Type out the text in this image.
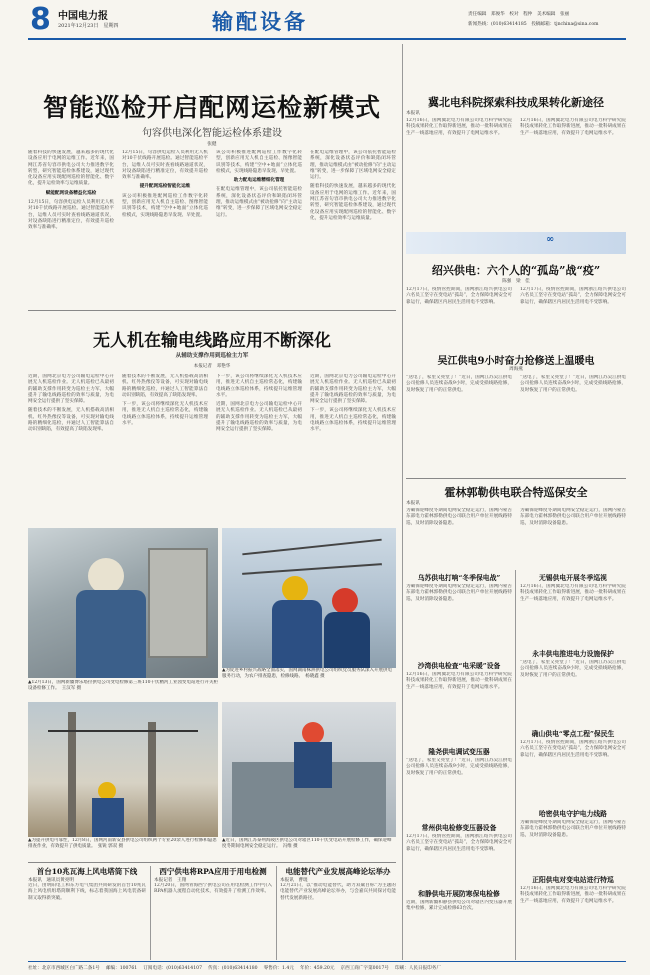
8 中国电力报
2021年12月23日　 星期四	输配设备	责任编辑　郑俊华　 校对　程仲　 美术编辑　张丽
新闻热线：(010)63414185　 投稿邮箱：tjnchina@sina.com
智能巡检开启配网运检新模式
句容供电深化智能运检体系建设
张健

随着科技的快速发展，越来越多的现代化设备应用于电网的运维工作。近年来，国网江苏省句容市供电公司大力推进数字化转型，研究智能巡检体系建设，通过现代化设备应用实现配网巡检的智能化、数字化，提升运检效率与运维质量。

赋能配网设备精益化巡检

12月15日，句容供电运检人员利用无人机对10千伏线路开展巡检。通过智能巡检平台，运维人员可实时查看线路通道状况，对设备缺陷进行精准定位，有效提升巡检效率与准确率。

12月15日，句容供电运检人员利用无人机对10千伏线路开展巡检。通过智能巡检平台，运维人员可实时查看线路通道状况，对设备缺陷进行精准定位，有效提升巡检效率与准确率。

提升配网巡检智能化运维

该公司积极推进配网巡检工作数字化转型，创新应用无人机自主巡检、图像智能识别等技术，构建“空中+地面”立体化巡检模式，实现线路隐患早发现、早处置。

该公司积极推进配网巡检工作数字化转型，创新应用无人机自主巡检、图像智能识别等技术，构建“空中+地面”立体化巡检模式，实现线路隐患早发现、早处置。

助力配电运维精细化管理

在配电运维管理中，该公司依托智能巡检系统，深化设备状态评价和缺陷闭环管理，推动运维模式由“被动抢修”向“主动运维”转变，进一步保障了区域电网安全稳定运行。

在配电运维管理中，该公司依托智能巡检系统，深化设备状态评价和缺陷闭环管理，推动运维模式由“被动抢修”向“主动运维”转变，进一步保障了区域电网安全稳定运行。

随着科技的快速发展，越来越多的现代化设备应用于电网的运维工作。近年来，国网江苏省句容市供电公司大力推进数字化转型，研究智能巡检体系建设，通过现代化设备应用实现配网巡检的智能化、数字化，提升运检效率与运维质量。

无人机在输电线路应用不断深化
从辅助支撑作用到巡检主力军
本报记者　邓艳华

近期，国网北京电力公司输电运检中心开展无人机巡检作业。无人机巡检已从最初的辅助支撑作用转变为巡检主力军，大幅提升了输电线路巡检的效率与质量，为电网安全运行提供了坚实保障。

随着技术的不断发展，无人机搭载高清相机、红外热像仪等设备，可实现对输电线路的精细化巡检，并通过人工智能算法自动识别缺陷，有效提高了缺陷发现率。

随着技术的不断发展，无人机搭载高清相机、红外热像仪等设备，可实现对输电线路的精细化巡检，并通过人工智能算法自动识别缺陷，有效提高了缺陷发现率。

下一步，该公司将继续深化无人机技术应用，推进无人机自主巡检常态化，构建输电线路立体巡检体系，持续提升运维管理水平。

下一步，该公司将继续深化无人机技术应用，推进无人机自主巡检常态化，构建输电线路立体巡检体系，持续提升运维管理水平。

近期，国网北京电力公司输电运检中心开展无人机巡检作业。无人机巡检已从最初的辅助支撑作用转变为巡检主力军，大幅提升了输电线路巡检的效率与质量，为电网安全运行提供了坚实保障。

近期，国网北京电力公司输电运检中心开展无人机巡检作业。无人机巡检已从最初的辅助支撑作用转变为巡检主力军，大幅提升了输电线路巡检的效率与质量，为电网安全运行提供了坚实保障。

下一步，该公司将继续深化无人机技术应用，推进无人机自主巡检常态化，构建输电线路立体巡检体系，持续提升运维管理水平。

▲12月13日，国网新疆博乐塔拉供电公司变电检修第三班110千伏精河工业园变电站进行开关柜设备检修工作。　王汉军 摄
▲为促进乡村振兴战略全面落实，国网湖南株洲供电公司组织党员服务队深入开展供电服务行动，为农户排查隐患，检修线路。　杨晓鑫 摄
▲为提升供电可靠性，12月8日，国网河南新安县供电公司组织两个专业20余人进行检修和隐患排查作业，有效提升了供电质量。　张锐 郭双 摄
▲近日，国网江苏泰州海陵区供电公司对辖区110千伏变电站开展检修工作，确保迎峰度冬期间电网安全稳定运行。　冯维 摄
首台10兆瓦海上风电塔筒下线
本报讯　通讯员黄亮明
近日，由明阳电工和东方电气集团共同研发的首台10兆瓦海上风电机组塔筒顺利下线，标志着我国海上风电装备研制又取得新突破。
西宁供电将RPA应用于用电检测
本报记者　王翔
12月20日，国网青海西宁供电公司在用电检测工作中引入RPA机器人流程自动化技术，有效提升了检测工作效率。
电能替代产业发展高峰论坛举办
本报讯　曹琨
12月21日，以“推动电能替代，助力双碳目标”为主题的电能替代产业发展高峰论坛举办，与会嘉宾共同探讨电能替代发展新路径。
冀北电科院探索科技成果转化新途径
本报讯
12月16日，国网冀北电力有限公司电力科学研究院科技成果转化工作取得新进展，推动一批科研成果在生产一线落地应用，有效提升了电网运维水平。
12月16日，国网冀北电力有限公司电力科学研究院科技成果转化工作取得新进展，推动一批科研成果在生产一线落地应用，有效提升了电网运维水平。
∞
绍兴供电：六个人的“孤岛”战“疫”
陈强　梁　佳
12月17日，疫情管控期间，国网浙江绍兴供电公司六名员工坚守在变电站“孤岛”，全力保障电网安全可靠运行，确保辖区内居民生活用电不受影响。
12月17日，疫情管控期间，国网浙江绍兴供电公司六名员工坚守在变电站“孤岛”，全力保障电网安全可靠运行，确保辖区内居民生活用电不受影响。
吴江供电9小时奋力抢修送上温暖电
周海燕
“送电了，家里又亮堂了！”近日，国网江苏吴江供电公司抢修人员连续奋战9小时，完成受损线路抢修，及时恢复了用户的正常供电。
“送电了，家里又亮堂了！”近日，国网江苏吴江供电公司抢修人员连续奋战9小时，完成受损线路抢修，及时恢复了用户的正常供电。
霍林郭勒供电联合特巡保安全
本报讯
为确保迎峰度冬期间电网安全稳定运行，国网内蒙古东部电力霍林郭勒供电公司联合用户单位开展线路特巡，及时消除设备隐患。
为确保迎峰度冬期间电网安全稳定运行，国网内蒙古东部电力霍林郭勒供电公司联合用户单位开展线路特巡，及时消除设备隐患。
乌苏供电打响“冬季保电战”
为确保迎峰度冬期间电网安全稳定运行，国网内蒙古东部电力霍林郭勒供电公司联合用户单位开展线路特巡，及时消除设备隐患。
沙湾供电检查“电采暖”设备
12月16日，国网冀北电力有限公司电力科学研究院科技成果转化工作取得新进展，推动一批科研成果在生产一线落地应用，有效提升了电网运维水平。
隆尧供电调试变压器
“送电了，家里又亮堂了！”近日，国网江苏吴江供电公司抢修人员连续奋战9小时，完成受损线路抢修，及时恢复了用户的正常供电。
常州供电检修变压器设备
12月17日，疫情管控期间，国网浙江绍兴供电公司六名员工坚守在变电站“孤岛”，全力保障电网安全可靠运行，确保辖区内居民生活用电不受影响。
和静供电开展防寒保电检修
近期，国网新疆和静县供电公司对辖区内变压器开展集中检修，累计完成检修63台次。
无锡供电开展冬季巡视
12月16日，国网冀北电力有限公司电力科学研究院科技成果转化工作取得新进展，推动一批科研成果在生产一线落地应用，有效提升了电网运维水平。
永丰供电推进电力设施保护
“送电了，家里又亮堂了！”近日，国网江苏吴江供电公司抢修人员连续奋战9小时，完成受损线路抢修，及时恢复了用户的正常供电。
确山供电“零点工程”保民生
12月17日，疫情管控期间，国网浙江绍兴供电公司六名员工坚守在变电站“孤岛”，全力保障电网安全可靠运行，确保辖区内居民生活用电不受影响。
哈密供电守护电力线路
为确保迎峰度冬期间电网安全稳定运行，国网内蒙古东部电力霍林郭勒供电公司联合用户单位开展线路特巡，及时消除设备隐患。
正阳供电对变电站进行特巡
12月16日，国网冀北电力有限公司电力科学研究院科技成果转化工作取得新进展，推动一批科研成果在生产一线落地应用，有效提升了电网运维水平。
社址：北京市西城区白广路二条1号　 邮编：100761　 订阅电话：(010)63414107　 传真：(010)63414180　 零售价：1.4元　 年价：459.20元　 京西工商广字第0017号　 印刷：人民日报印务厂
